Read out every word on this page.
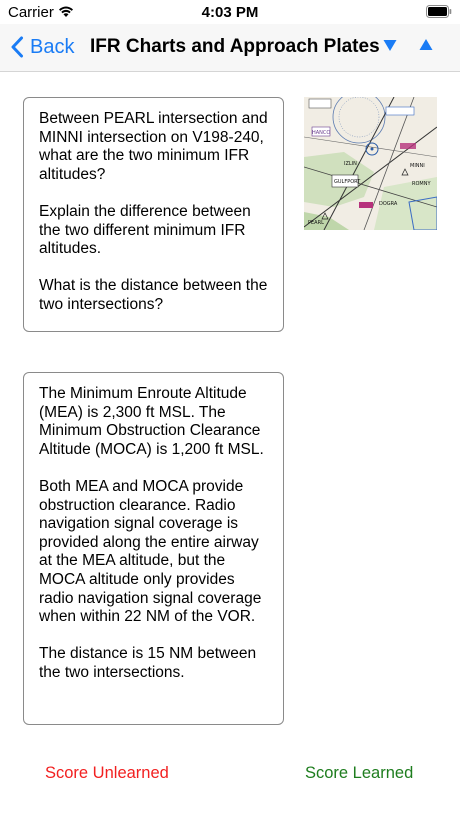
Carrier	4:03 PM
Back IFR Charts and Approach Plates

Between PEARL intersection and MINNI intersection on V198-240, what are the two minimum IFR altitudes?

Explain the difference between the two different minimum IFR altitudes.

What is the distance between the two intersections?

GULFPORT
HANCO
DOGRA
PEARL
MINNI
ROMNY
IZLIN

The Minimum Enroute Altitude (MEA) is 2,300 ft MSL. The Minimum Obstruction Clearance Altitude (MOCA) is 1,200 ft MSL.

Both MEA and MOCA provide obstruction clearance. Radio navigation signal coverage is provided along the entire airway at the MEA altitude, but the MOCA altitude only provides radio navigation signal coverage when within 22 NM of the VOR.

The distance is 15 NM between the two intersections.

Score Unlearned	Score Learned
